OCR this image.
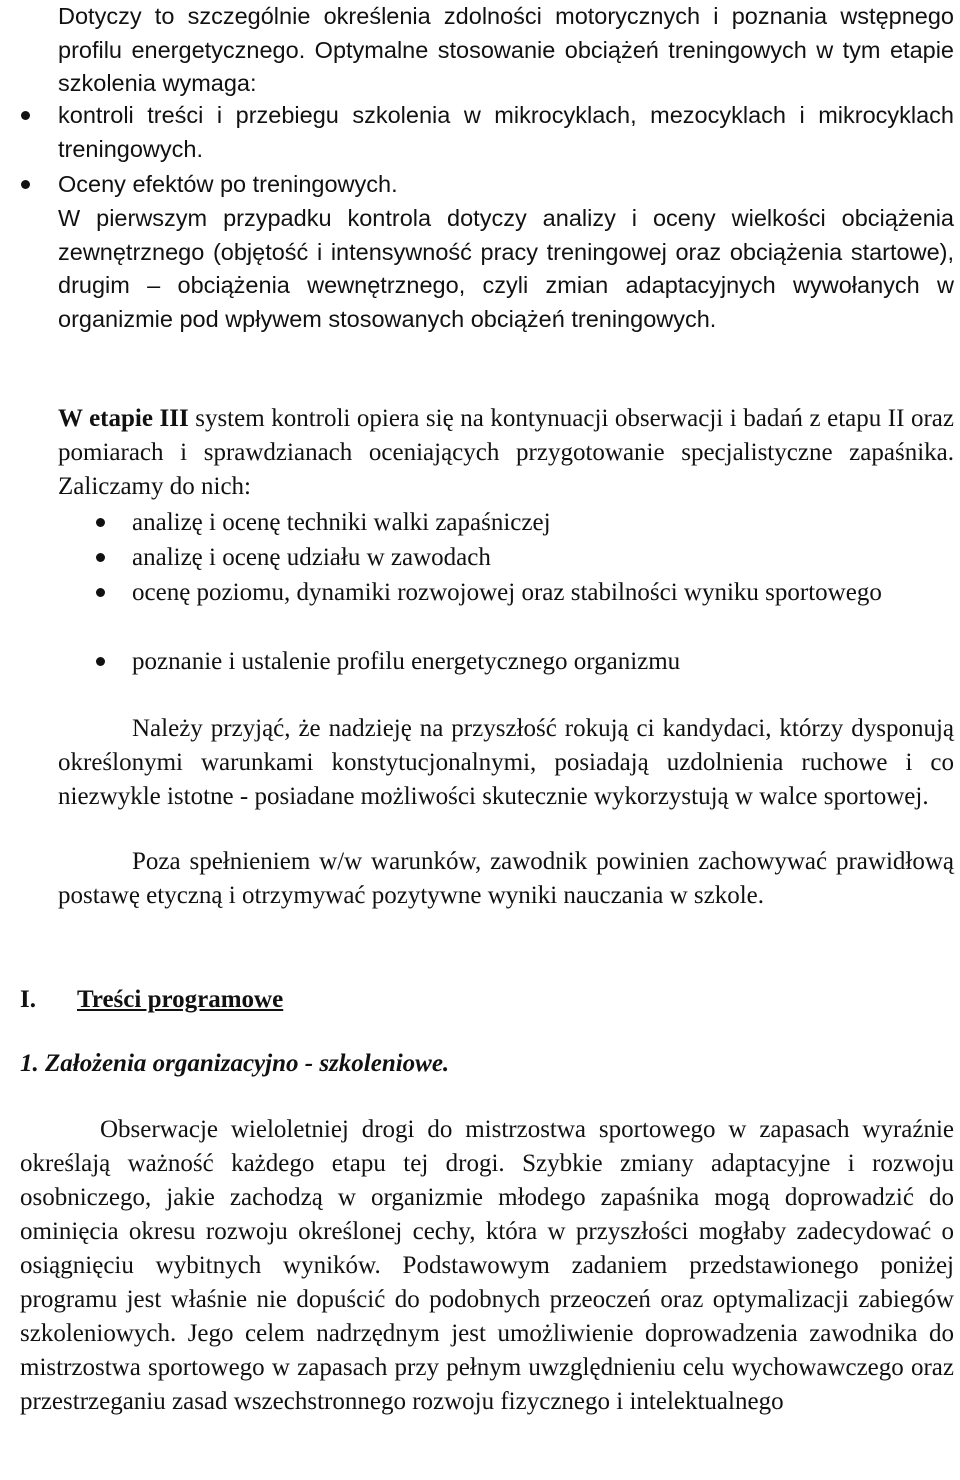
Dotyczy to szczególnie określenia zdolności motorycznych i poznania wstępnego profilu energetycznego. Optymalne stosowanie obciążeń treningowych w tym etapie szkolenia wymaga:

kontroli treści i przebiegu szkolenia w mikrocyklach, mezocyklach i mikrocyklach treningowych.

Oceny efektów po treningowych.

W pierwszym przypadku kontrola dotyczy analizy i oceny wielkości obciążenia zewnętrznego (objętość i intensywność pracy treningowej oraz obciążenia startowe), drugim – obciążenia wewnętrznego, czyli zmian adaptacyjnych wywołanych w organizmie pod wpływem stosowanych obciążeń treningowych.

W etapie III system kontroli opiera się na kontynuacji obserwacji i badań z etapu II oraz pomiarach i sprawdzianach oceniających przygotowanie specjalistyczne zapaśnika. Zaliczamy do nich:

analizę i ocenę techniki walki zapaśniczej

analizę i ocenę udziału w zawodach

ocenę poziomu, dynamiki rozwojowej oraz stabilności wyniku sportowego

poznanie i ustalenie profilu energetycznego organizmu

Należy przyjąć, że nadzieję na przyszłość rokują ci kandydaci, którzy dysponują określonymi warunkami konstytucjonalnymi, posiadają uzdolnienia ruchowe i co niezwykle istotne - posiadane możliwości skutecznie wykorzystują w walce sportowej.

Poza spełnieniem w/w warunków, zawodnik powinien zachowywać prawidłową postawę etyczną i otrzymywać pozytywne wyniki nauczania w szkole.

I. Treści programowe
1. Założenia organizacyjno - szkoleniowe.

Obserwacje wieloletniej drogi do mistrzostwa sportowego w zapasach wyraźnie określają ważność każdego etapu tej drogi. Szybkie zmiany adaptacyjne i rozwoju osobniczego, jakie zachodzą w organizmie młodego zapaśnika mogą doprowadzić do ominięcia okresu rozwoju określonej cechy, która w przyszłości mogłaby zadecydować o osiągnięciu wybitnych wyników. Podstawowym zadaniem przedstawionego poniżej programu jest właśnie nie dopuścić do podobnych przeoczeń oraz optymalizacji zabiegów szkoleniowych. Jego celem nadrzędnym jest umożliwienie doprowadzenia zawodnika do mistrzostwa sportowego w zapasach przy pełnym uwzględnieniu celu wychowawczego oraz przestrzeganiu zasad wszechstronnego rozwoju fizycznego i intelektualnego
